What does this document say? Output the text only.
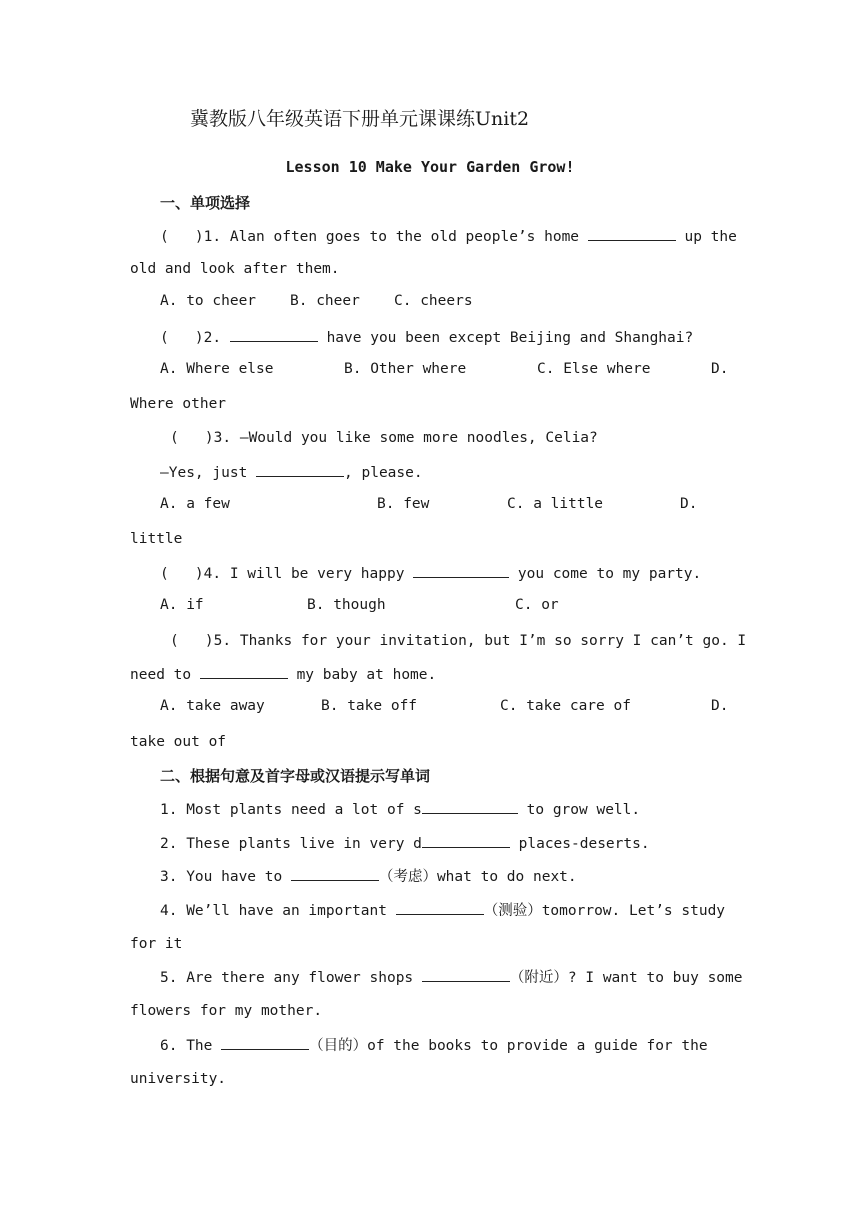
冀教版八年级英语下册单元课课练Unit2
Lesson 10 Make Your Garden Grow!
一、单项选择
(   )1. Alan often goes to the old people’s home	up the
old and look after them.
A. to cheer B. cheer C. cheers
(   )2.	have you been except Beijing and Shanghai?
A. Where else	B. Other where	C. Else where	D.
Where other
(   )3. —Would you like some more noodles, Celia?
—Yes, just	, please.
A. a few	B. few	C. a little	D.
little
(   )4. I will be very happy	you come to my party.
A. if	B. though	C. or
(   )5. Thanks for your invitation, but I’m so sorry I can’t go. I
need to	my baby at home.
A. take away	B. take off	C. take care of	D.
take out of
二、根据句意及首字母或汉语提示写单词
1. Most plants need a lot of s	to grow well.
2. These plants live in very d	places-deserts.
3. You have to	（考虑）what to do next.
4. We’ll have an important	（测验）tomorrow. Let’s study
for it
5. Are there any flower shops	（附近）? I want to buy some
flowers for my mother.
6. The	（目的）of the books to provide a guide for the
university.
